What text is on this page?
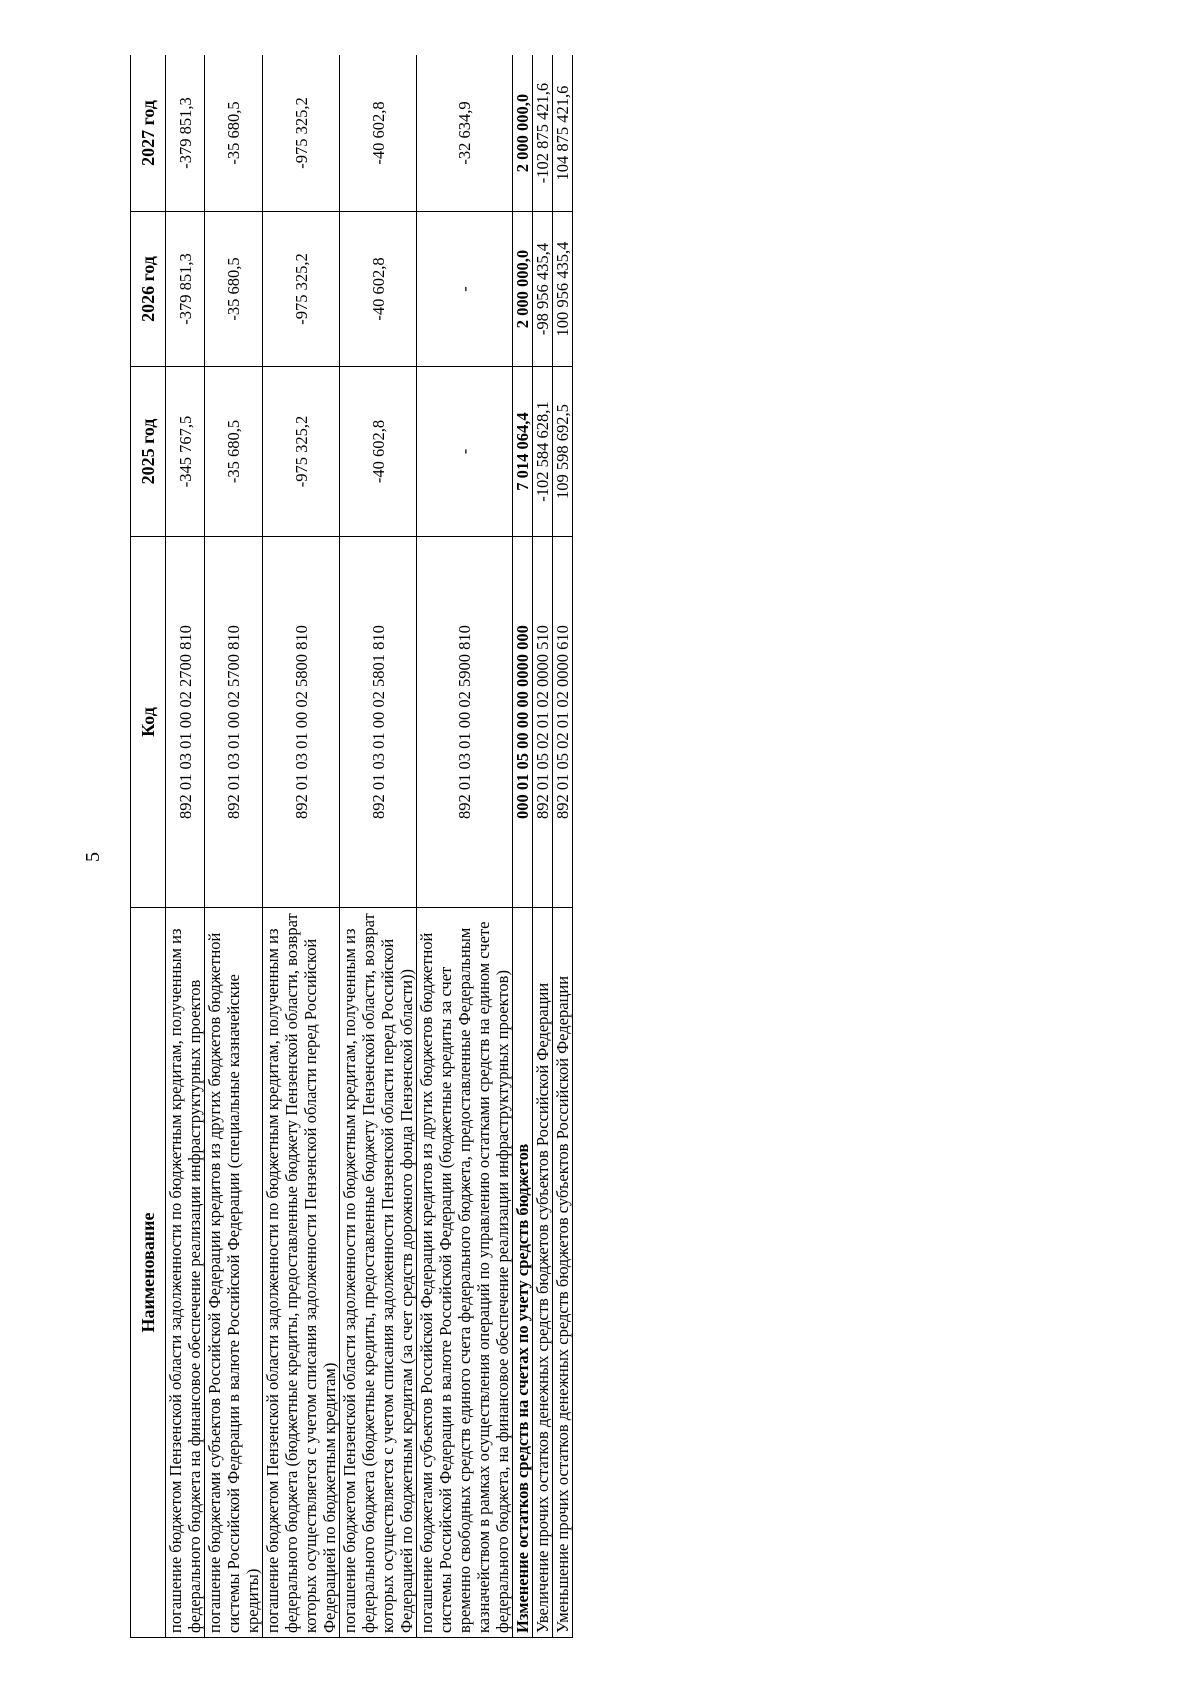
5
Наименование	Код	2025 год	2026 год	2027 год
погашение бюджетом Пензенской области задолженности по бюджетным кредитам, полученным из федерального бюджета на финансовое обеспечение реализации инфраструктурных проектов	892 01 03 01 00 02 2700 810	-345 767,5	-379 851,3	-379 851,3
погашение бюджетами субъектов Российской Федерации кредитов из других бюджетов бюджетной системы Российской Федерации в валюте Российской Федерации (специальные казначейские кредиты)	892 01 03 01 00 02 5700 810	-35 680,5	-35 680,5	-35 680,5
погашение бюджетом Пензенской области задолженности по бюджетным кредитам, полученным из федерального бюджета (бюджетные кредиты, предоставленные бюджету Пензенской области, возврат которых осуществляется с учетом списания задолженности Пензенской области перед Российской Федерацией по бюджетным кредитам)	892 01 03 01 00 02 5800 810	-975 325,2	-975 325,2	-975 325,2
погашение бюджетом Пензенской области задолженности по бюджетным кредитам, полученным из федерального бюджета (бюджетные кредиты, предоставленные бюджету Пензенской области, возврат которых осуществляется с учетом списания задолженности Пензенской области перед Российской Федерацией по бюджетным кредитам (за счет средств дорожного фонда Пензенской области))	892 01 03 01 00 02 5801 810	-40 602,8	-40 602,8	-40 602,8
погашение бюджетами субъектов Российской Федерации кредитов из других бюджетов бюджетной системы Российской Федерации в валюте Российской Федерации (бюджетные кредиты за счет временно свободных средств единого счета федерального бюджета, предоставленные Федеральным казначейством в рамках осуществления операций по управлению остатками средств на едином счете федерального бюджета, на финансовое обеспечение реализации инфраструктурных проектов)	892 01 03 01 00 02 5900 810	-	-	-32 634,9
Изменение остатков средств на счетах по учету средств бюджетов	000 01 05 00 00 00 0000 000	7 014 064,4	2 000 000,0	2 000 000,0
Увеличение прочих остатков денежных средств бюджетов субъектов Российской Федерации	892 01 05 02 01 02 0000 510	-102 584 628,1	-98 956 435,4	-102 875 421,6
Уменьшение прочих остатков денежных средств бюджетов субъектов Российской Федерации	892 01 05 02 01 02 0000 610	109 598 692,5	100 956 435,4	104 875 421,6
